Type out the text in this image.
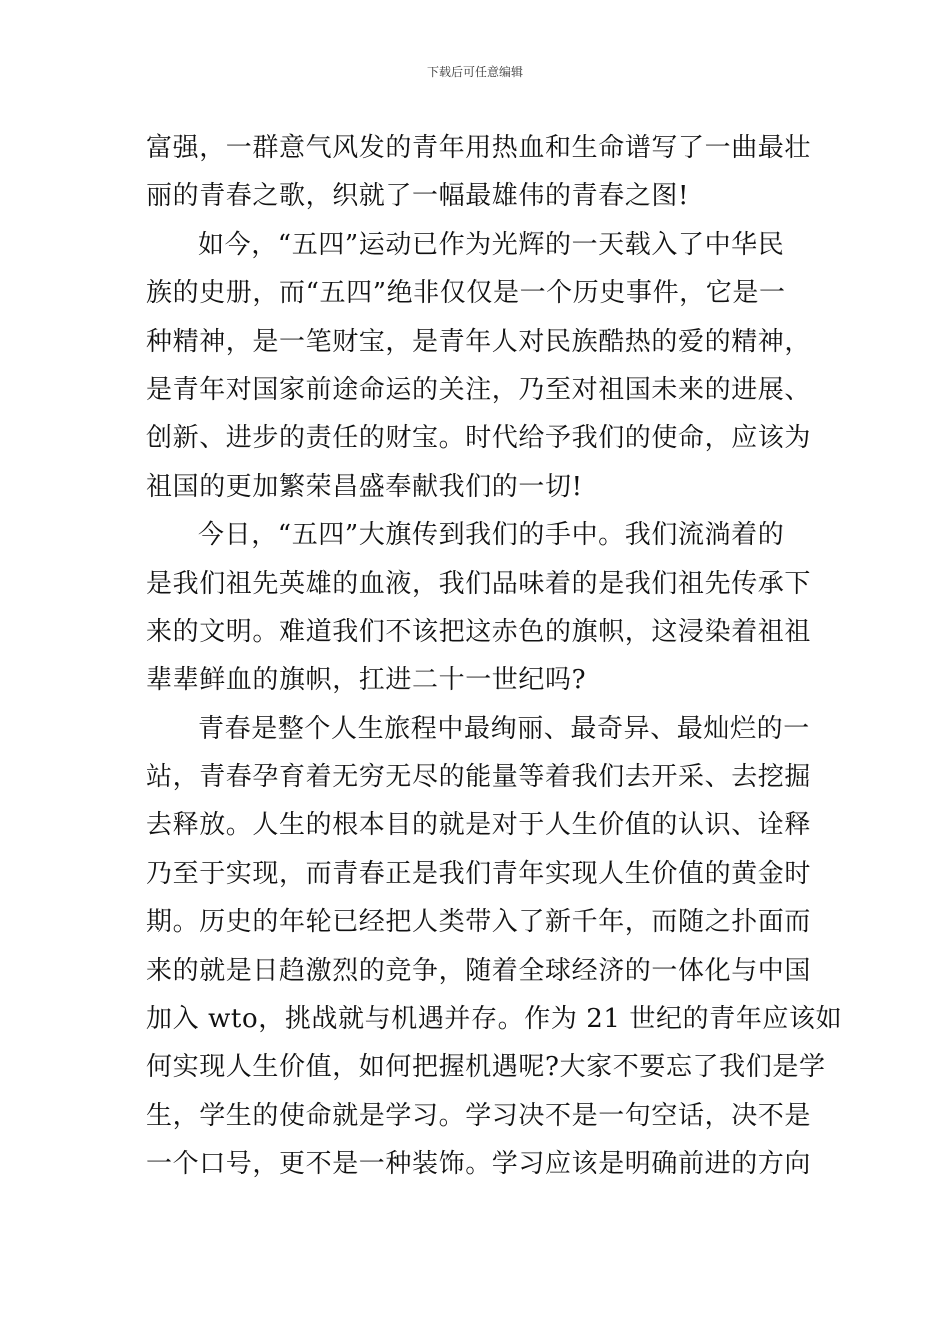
下载后可任意编辑
富强，一群意气风发的青年用热血和生命谱写了一曲最壮
丽的青春之歌，织就了一幅最雄伟的青春之图!
如今，“五四”运动已作为光辉的一天载入了中华民
族的史册，而“五四”绝非仅仅是一个历史事件，它是一
种精神，是一笔财宝，是青年人对民族酷热的爱的精神，
是青年对国家前途命运的关注，乃至对祖国未来的进展、
创新、进步的责任的财宝。时代给予我们的使命，应该为
祖国的更加繁荣昌盛奉献我们的一切!
今日，“五四”大旗传到我们的手中。我们流淌着的
是我们祖先英雄的血液，我们品味着的是我们祖先传承下
来的文明。难道我们不该把这赤色的旗帜，这浸染着祖祖
辈辈鲜血的旗帜，扛进二十一世纪吗?
青春是整个人生旅程中最绚丽、最奇异、最灿烂的一
站，青春孕育着无穷无尽的能量等着我们去开采、去挖掘
去释放。人生的根本目的就是对于人生价值的认识、诠释
乃至于实现，而青春正是我们青年实现人生价值的黄金时
期。历史的年轮已经把人类带入了新千年，而随之扑面而
来的就是日趋激烈的竞争，随着全球经济的一体化与中国
加入 wto，挑战就与机遇并存。作为 21 世纪的青年应该如
何实现人生价值，如何把握机遇呢?大家不要忘了我们是学
生，学生的使命就是学习。学习决不是一句空话，决不是
一个口号，更不是一种装饰。学习应该是明确前进的方向
